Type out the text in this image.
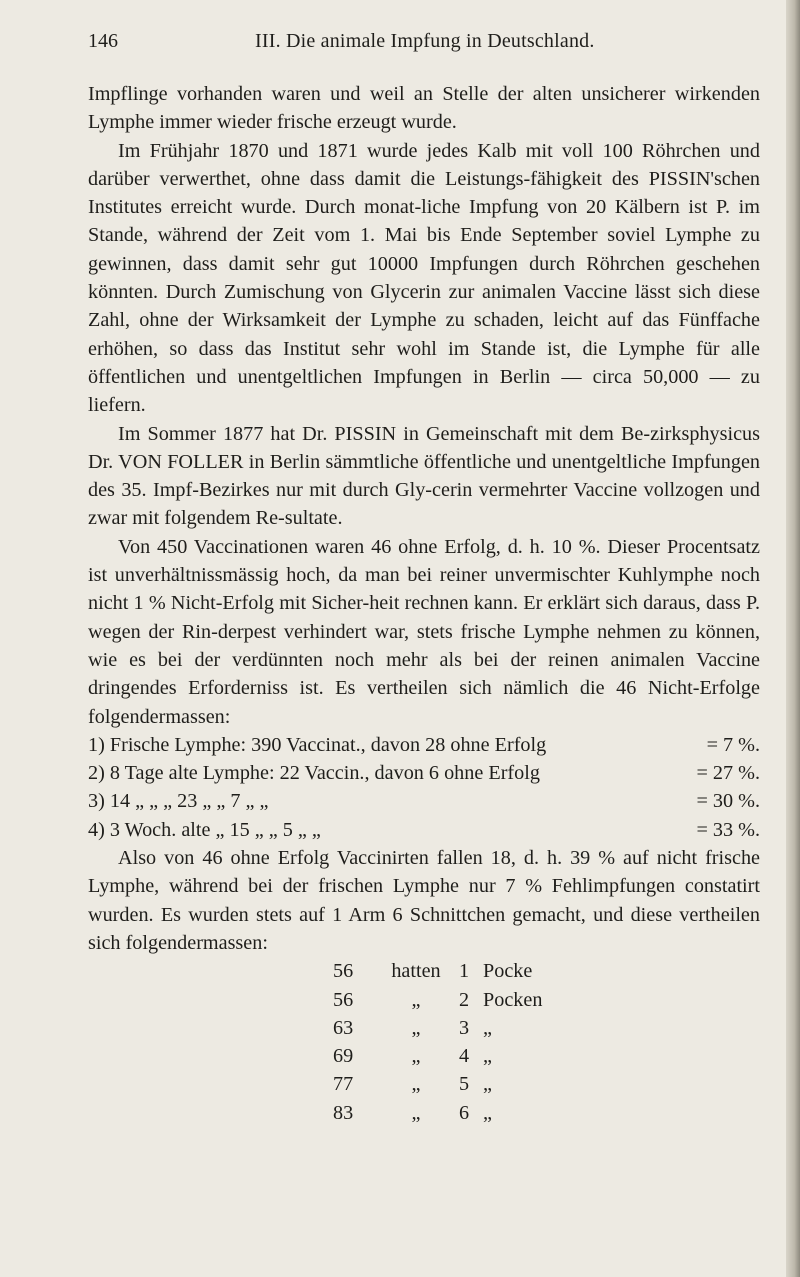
146	III. Die animale Impfung in Deutschland.

Impflinge vorhanden waren und weil an Stelle der alten unsicherer wirkenden Lymphe immer wieder frische erzeugt wurde.

Im Frühjahr 1870 und 1871 wurde jedes Kalb mit voll 100 Röhrchen und darüber verwerthet, ohne dass damit die Leistungs-fähigkeit des PISSIN'schen Institutes erreicht wurde. Durch monat-liche Impfung von 20 Kälbern ist P. im Stande, während der Zeit vom 1. Mai bis Ende September soviel Lymphe zu gewinnen, dass damit sehr gut 10000 Impfungen durch Röhrchen geschehen könnten. Durch Zumischung von Glycerin zur animalen Vaccine lässt sich diese Zahl, ohne der Wirksamkeit der Lymphe zu schaden, leicht auf das Fünffache erhöhen, so dass das Institut sehr wohl im Stande ist, die Lymphe für alle öffentlichen und unentgeltlichen Impfungen in Berlin — circa 50,000 — zu liefern.

Im Sommer 1877 hat Dr. PISSIN in Gemeinschaft mit dem Be-zirksphysicus Dr. VON FOLLER in Berlin sämmtliche öffentliche und unentgeltliche Impfungen des 35. Impf-Bezirkes nur mit durch Gly-cerin vermehrter Vaccine vollzogen und zwar mit folgendem Re-sultate.

Von 450 Vaccinationen waren 46 ohne Erfolg, d. h. 10 %. Dieser Procentsatz ist unverhältnissmässig hoch, da man bei reiner unvermischter Kuhlymphe noch nicht 1 % Nicht-Erfolg mit Sicher-heit rechnen kann. Er erklärt sich daraus, dass P. wegen der Rin-derpest verhindert war, stets frische Lymphe nehmen zu können, wie es bei der verdünnten noch mehr als bei der reinen animalen Vaccine dringendes Erforderniss ist. Es vertheilen sich nämlich die 46 Nicht-Erfolge folgendermassen:

1) Frische Lymphe: 390 Vaccinat., davon 28 ohne Erfolg	= 7 %.
2) 8 Tage alte Lymphe: 22 Vaccin., davon 6 ohne Erfolg	= 27 %.
3) 14 „ „ „ 23 „ „ 7 „ „	= 30 %.
4) 3 Woch. alte „ 15 „ „ 5 „ „	= 33 %.

Also von 46 ohne Erfolg Vaccinirten fallen 18, d. h. 39 % auf nicht frische Lymphe, während bei der frischen Lymphe nur 7 % Fehlimpfungen constatirt wurden. Es wurden stets auf 1 Arm 6 Schnittchen gemacht, und diese vertheilen sich folgendermassen:

56	hatten 1 Pocke
56	„	2 Pocken
63	„	3 „
69	„	4 „
77	„	5 „
83	„	6 „
